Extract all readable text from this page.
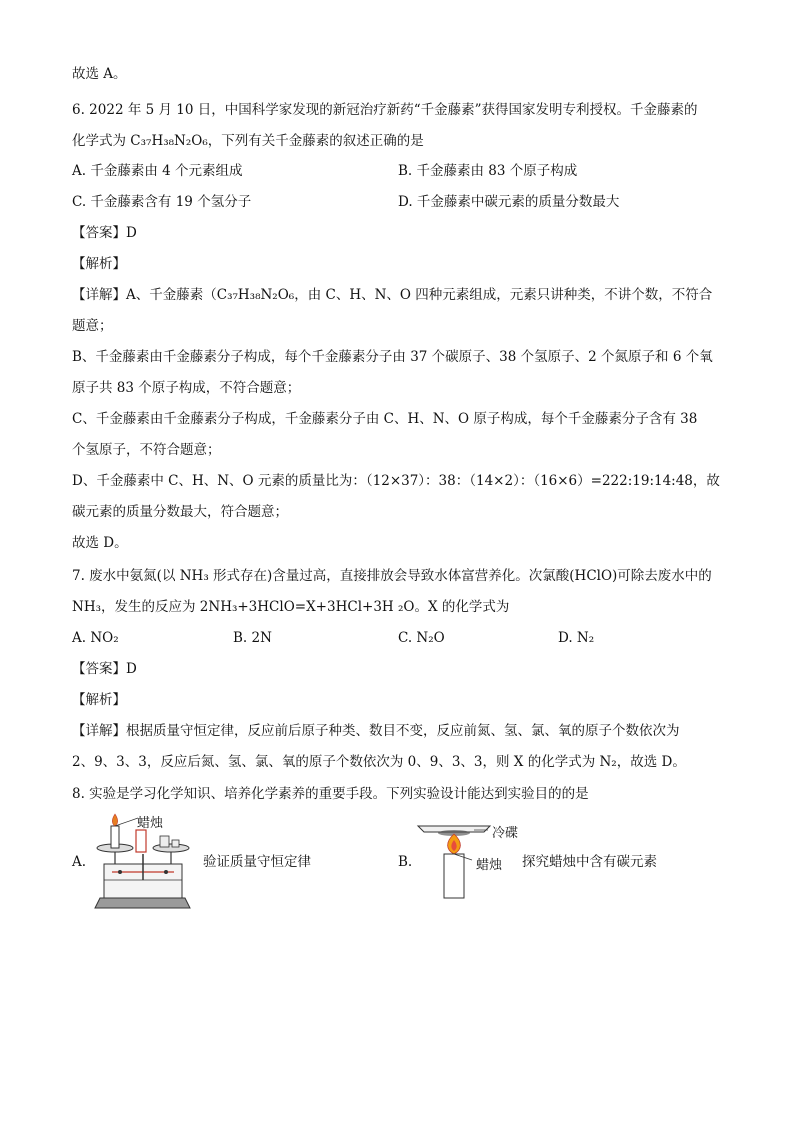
故选 A。
6. 2022 年 5 月 10 日，中国科学家发现的新冠治疗新药“千金藤素”获得国家发明专利授权。千金藤素的
化学式为 C₃₇H₃₈N₂O₆，下列有关千金藤素的叙述正确的是
A. 千金藤素由 4 个元素组成	B. 千金藤素由 83 个原子构成
C. 千金藤素含有 19 个氢分子	D. 千金藤素中碳元素的质量分数最大
【答案】D
【解析】
【详解】A、千金藤素（C₃₇H₃₈N₂O₆，由 C、H、N、O 四种元素组成，元素只讲种类，不讲个数，不符合
题意；
B、千金藤素由千金藤素分子构成，每个千金藤素分子由 37 个碳原子、38 个氢原子、2 个氮原子和 6 个氧
原子共 83 个原子构成，不符合题意；
C、千金藤素由千金藤素分子构成，千金藤素分子由 C、H、N、O 原子构成，每个千金藤素分子含有 38
个氢原子，不符合题意；
D、千金藤素中 C、H、N、O 元素的质量比为：（12×37）：38：（14×2）：（16×6）=222:19:14:48，故
碳元素的质量分数最大，符合题意；
故选 D。
7. 废水中氨氮(以 NH₃ 形式存在)含量过高，直接排放会导致水体富营养化。次氯酸(HClO)可除去废水中的
NH₃，发生的反应为 2NH₃+3HClO=X+3HCl+3H ₂O。X 的化学式为
A. NO₂	B. 2N	C. N₂O	D. N₂
【答案】D
【解析】
【详解】根据质量守恒定律，反应前后原子种类、数目不变，反应前氮、氢、氯、氧的原子个数依次为
2、9、3、3，反应后氮、氢、氯、氧的原子个数依次为 0、9、3、3，则 X 的化学式为 N₂，故选 D。
8. 实验是学习化学知识、培养化学素养的重要手段。下列实验设计能达到实验目的的是
A.
蜡烛
验证质量守恒定律	B.
冷碟
蜡烛 探究蜡烛中含有碳元素
